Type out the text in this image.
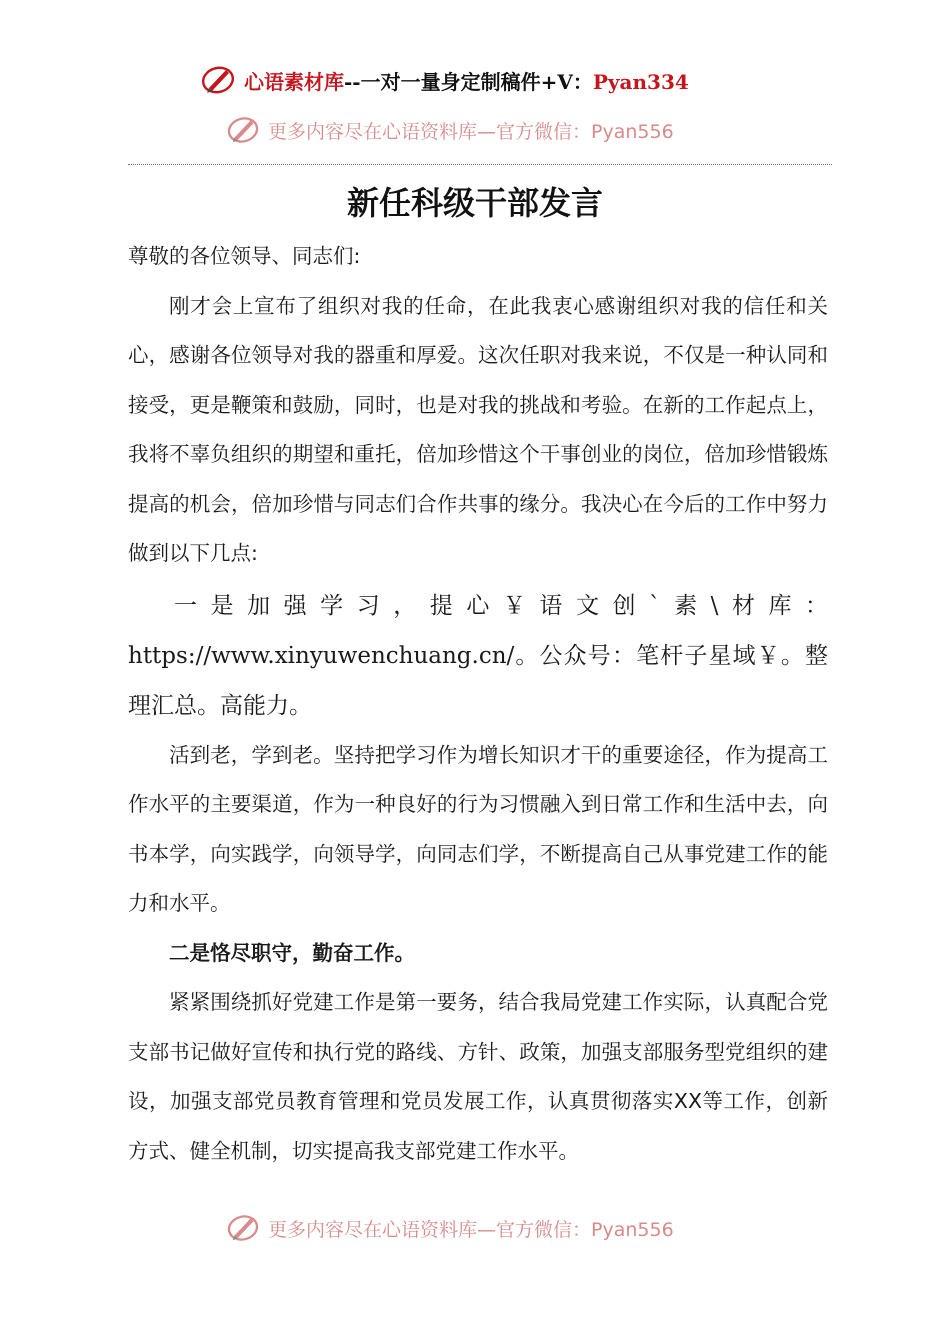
心语素材库--一对一量身定制稿件+V：Pyan334
更多内容尽在心语资料库—官方微信：Pyan556
新任科级干部发言

尊敬的各位领导、同志们:

刚才会上宣布了组织对我的任命，在此我衷心感谢组织对我的信任和关心，感谢各位领导对我的器重和厚爱。这次任职对我来说，不仅是一种认同和接受，更是鞭策和鼓励，同时，也是对我的挑战和考验。在新的工作起点上，我将不辜负组织的期望和重托，倍加珍惜这个干事创业的岗位，倍加珍惜锻炼提高的机会，倍加珍惜与同志们合作共事的缘分。我决心在今后的工作中努力做到以下几点:

一是加强学习，提心￥语文创`素\材库：https://www.xinyuwenchuang.cn/。公众号：笔杆子星域￥。整理汇总。高能力。

活到老，学到老。坚持把学习作为增长知识才干的重要途径，作为提高工作水平的主要渠道，作为一种良好的行为习惯融入到日常工作和生活中去，向书本学，向实践学，向领导学，向同志们学，不断提高自己从事党建工作的能力和水平。

二是恪尽职守，勤奋工作。

紧紧围绕抓好党建工作是第一要务，结合我局党建工作实际，认真配合党支部书记做好宣传和执行党的路线、方针、政策，加强支部服务型党组织的建设，加强支部党员教育管理和党员发展工作，认真贯彻落实XX等工作，创新方式、健全机制，切实提高我支部党建工作水平。

更多内容尽在心语资料库—官方微信：Pyan556
